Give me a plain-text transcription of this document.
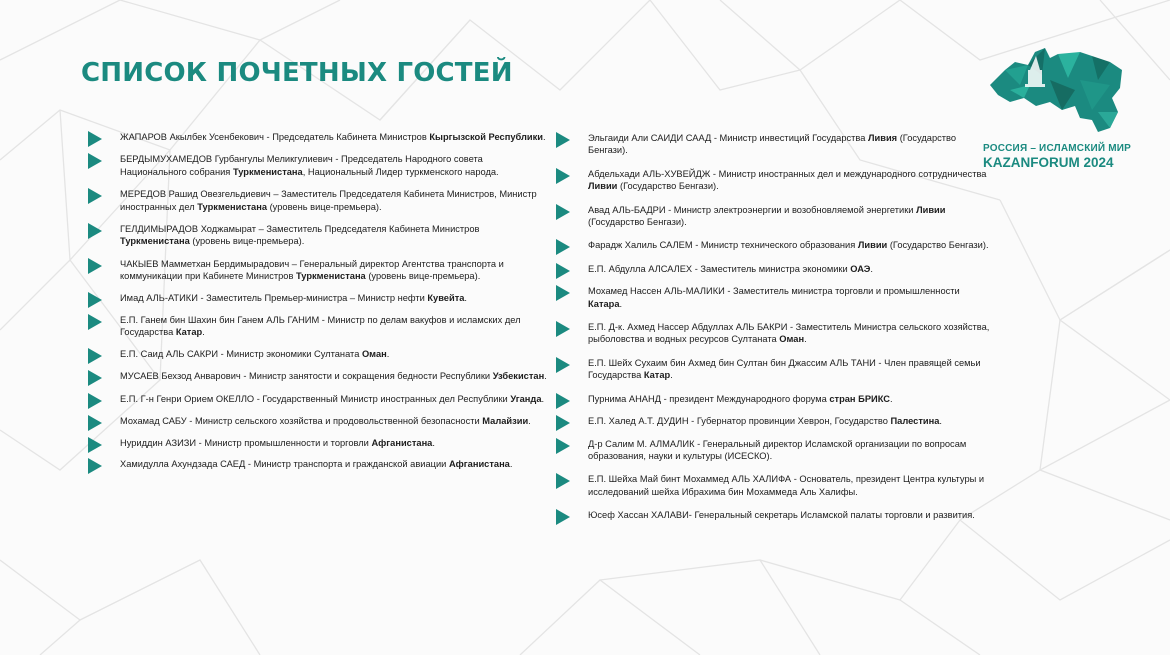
СПИСОК ПОЧЕТНЫХ ГОСТЕЙ
РОССИЯ – ИСЛАМСКИЙ МИР
KAZANFORUM 2024
ЖАПАРОВ Акылбек Усенбекович - Председатель Кабинета Министров Кыргызской Республики.
БЕРДЫМУХАМЕДОВ Гурбангулы Меликгулиевич - Председатель Народного совета Национального собрания Туркменистана, Национальный Лидер туркменского народа.
МЕРЕДОВ Рашид Овезгельдиевич – Заместитель Председателя Кабинета Министров, Министр иностранных дел Туркменистана (уровень вице-премьера).
ГЕЛДИМЫРАДОВ Ходжамырат – Заместитель Председателя Кабинета Министров Туркменистана (уровень вице-премьера).
ЧАКЫЕВ Мамметхан Бердимырадович – Генеральный директор Агентства транспорта и коммуникации при Кабинете Министров Туркменистана (уровень вице-премьера).
Имад АЛЬ-АТИКИ - Заместитель Премьер-министра – Министр нефти Кувейта.
Е.П. Ганем бин Шахин бин Ганем АЛЬ ГАНИМ - Министр по делам вакуфов и исламских дел Государства Катар.
Е.П. Саид АЛЬ САКРИ - Министр экономики Султаната Оман.
МУСАЕВ Бехзод Анварович - Министр занятости и сокращения бедности Республики Узбекистан.
Е.П. Г-н Генри Орием ОКЕЛЛО - Государственный Министр иностранных дел Республики Уганда.
Мохамад САБУ - Министр сельского хозяйства и продовольственной безопасности Малайзии.
Нуриддин АЗИЗИ - Министр промышленности и торговли Афганистана.
Хамидулла Ахундзада САЕД - Министр транспорта и гражданской авиации Афганистана.
Эльгаиди Али САИДИ СААД - Министр инвестиций Государства Ливия (Государство Бенгази).
Абдельхади АЛЬ-ХУВЕЙДЖ - Министр иностранных дел и международного сотрудничества Ливии (Государство Бенгази).
Авад АЛЬ-БАДРИ - Министр электроэнергии и возобновляемой энергетики Ливии (Государство Бенгази).
Фарадж Халиль САЛЕМ - Министр технического образования Ливии (Государство Бенгази).
Е.П. Абдулла АЛСАЛЕХ - Заместитель министра экономики ОАЭ.
Мохамед Нассен АЛЬ-МАЛИКИ - Заместитель министра торговли и промышленности Катара.
Е.П. Д-к. Ахмед Нассер Абдуллах АЛЬ БАКРИ - Заместитель Министра сельского хозяйства, рыболовства и водных ресурсов Султаната Оман.
Е.П. Шейх Сухаим бин Ахмед бин Султан бин Джассим АЛЬ ТАНИ - Член правящей семьи Государства Катар.
Пурнима АНАНД - президент Международного форума стран БРИКС.
Е.П. Халед А.Т. ДУДИН - Губернатор провинции Хеврон, Государство Палестина.
Д-р Салим М. АЛМАЛИК - Генеральный директор Исламской организации по вопросам образования, науки и культуры (ИСЕСКО).
Е.П. Шейха Май бинт Мохаммед АЛЬ ХАЛИФА - Основатель, президент Центра культуры и исследований шейха Ибрахима бин Мохаммеда Аль Халифы.
Юсеф Хассан ХАЛАВИ- Генеральный секретарь Исламской палаты торговли и развития.
